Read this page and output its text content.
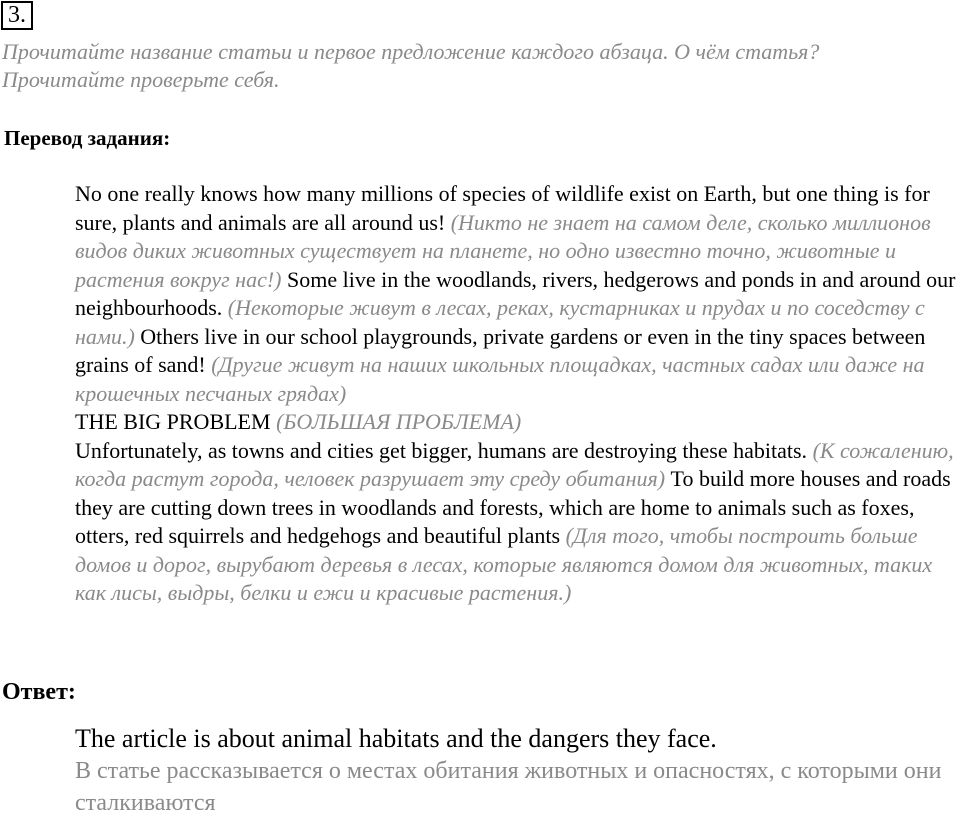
3.
Прочитайте название статьи и первое предложение каждого абзаца. О чём статья?
Прочитайте проверьте себя.
Перевод задания:

No one really knows how many millions of species of wildlife exist on Earth, but one thing is for sure, plants and animals are all around us! (Никто не знает на самом деле, сколько миллионов видов диких животных существует на планете, но одно известно точно, животные и растения вокруг нас!) Some live in the woodlands, rivers, hedgerows and ponds in and around our neighbourhoods. (Некоторые живут в лесах, реках, кустарниках и прудах и по соседству с нами.) Others live in our school playgrounds, private gardens or even in the tiny spaces between grains of sand! (Другие живут на наших школьных площадках, частных садах или даже на крошечных песчаных грядах)

THE BIG PROBLEM (БОЛЬШАЯ ПРОБЛЕМА)

Unfortunately, as towns and cities get bigger, humans are destroying these habitats. (К сожалению, когда растут города, человек разрушает эту среду обитания) To build more houses and roads they are cutting down trees in woodlands and forests, which are home to animals such as foxes, otters, red squirrels and hedgehogs and beautiful plants (Для того, чтобы построить больше домов и дорог, вырубают деревья в лесах, которые являются домом для животных, таких как лисы, выдры, белки и ежи и красивые растения.)

Ответ:
The article is about animal habitats and the dangers they face.
В статье рассказывается о местах обитания животных и опасностях, с которыми они сталкиваются
